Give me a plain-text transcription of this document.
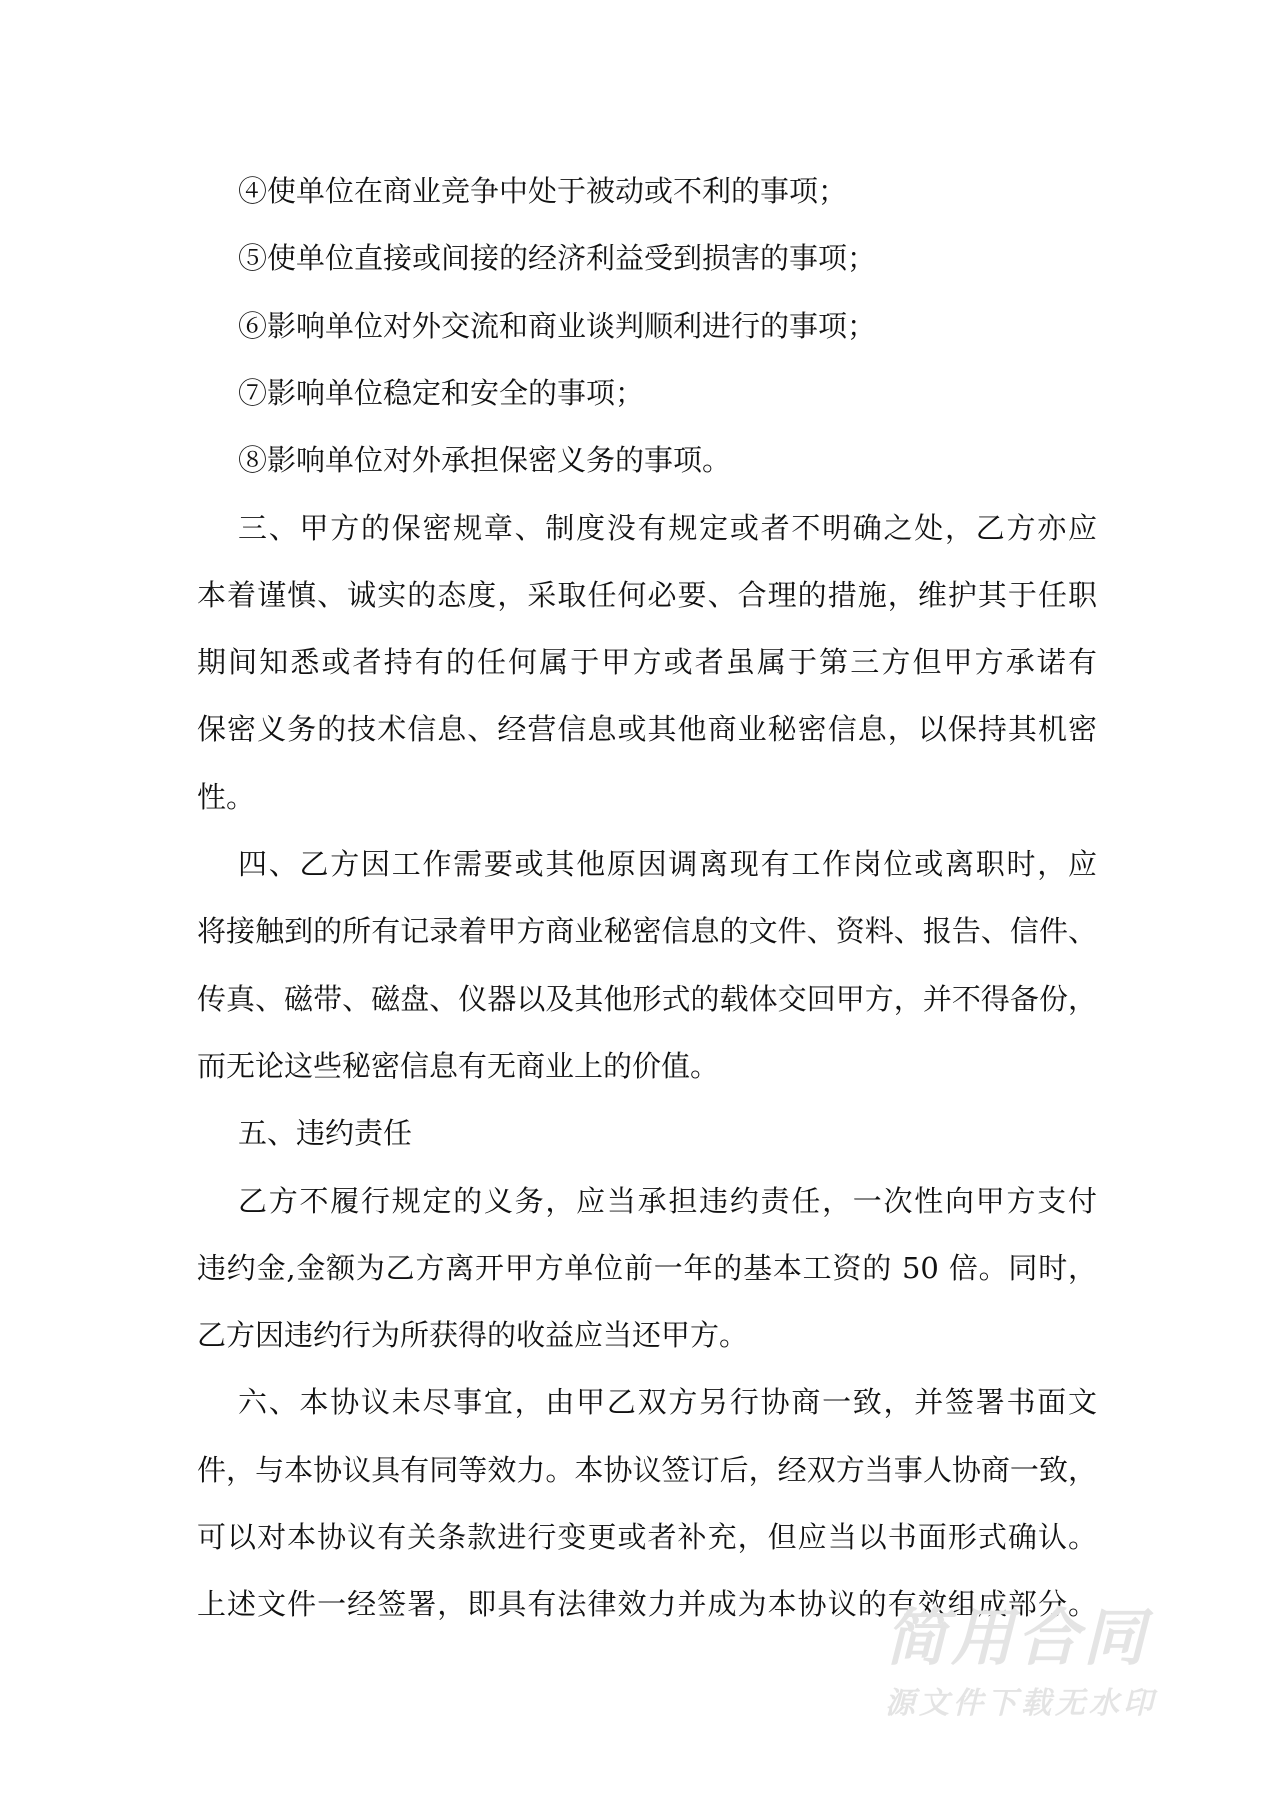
④使单位在商业竞争中处于被动或不利的事项；
⑤使单位直接或间接的经济利益受到损害的事项；
⑥影响单位对外交流和商业谈判顺利进行的事项；
⑦影响单位稳定和安全的事项；
⑧影响单位对外承担保密义务的事项。
三、甲方的保密规章、制度没有规定或者不明确之处，乙方亦应
本着谨慎、诚实的态度，采取任何必要、合理的措施，维护其于任职
期间知悉或者持有的任何属于甲方或者虽属于第三方但甲方承诺有
保密义务的技术信息、经营信息或其他商业秘密信息，以保持其机密
性。
四、乙方因工作需要或其他原因调离现有工作岗位或离职时，应
将接触到的所有记录着甲方商业秘密信息的文件、资料、报告、信件、
传真、磁带、磁盘、仪器以及其他形式的载体交回甲方，并不得备份，
而无论这些秘密信息有无商业上的价值。
五、违约责任
乙方不履行规定的义务，应当承担违约责任，一次性向甲方支付
违约金,金额为乙方离开甲方单位前一年的基本工资的 50 倍。同时，
乙方因违约行为所获得的收益应当还甲方。
六、本协议未尽事宜，由甲乙双方另行协商一致，并签署书面文
件，与本协议具有同等效力。本协议签订后，经双方当事人协商一致，
可以对本协议有关条款进行变更或者补充，但应当以书面形式确认。
上述文件一经签署，即具有法律效力并成为本协议的有效组成部分。
简用合同
源文件下载无水印
